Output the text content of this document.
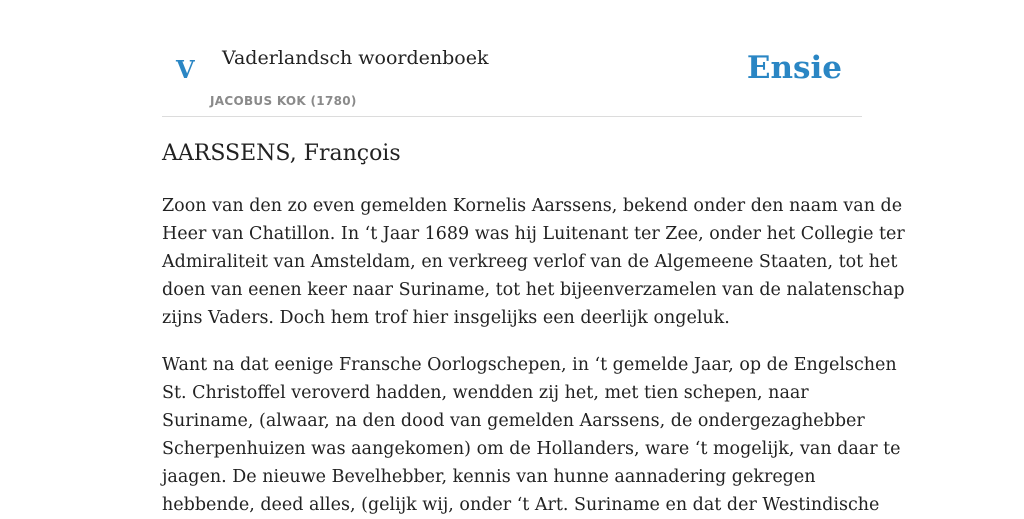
V Vaderlandsch woordenboek
JACOBUS KOK (1780)
Ensie
AARSSENS, François

Zoon van den zo even gemelden Kornelis Aarssens, bekend onder den naam van de
Heer van Chatillon. In ‘t Jaar 1689 was hij Luitenant ter Zee, onder het Collegie ter
Admiraliteit van Amsteldam, en verkreeg verlof van de Algemeene Staaten, tot het
doen van eenen keer naar Suriname, tot het bijeenverzamelen van de nalatenschap
zijns Vaders. Doch hem trof hier insgelijks een deerlijk ongeluk.

Want na dat eenige Fransche Oorlogschepen, in ‘t gemelde Jaar, op de Engelschen
St. Christoffel veroverd hadden, wendden zij het, met tien schepen, naar
Suriname, (alwaar, na den dood van gemelden Aarssens, de ondergezaghebber
Scherpenhuizen was aangekomen) om de Hollanders, ware ‘t mogelijk, van daar te
jaagen. De nieuwe Bevelhebber, kennis van hunne aannadering gekregen
hebbende, deed alles, (gelijk wij, onder ‘t Art. Suriname en dat der Westindische
